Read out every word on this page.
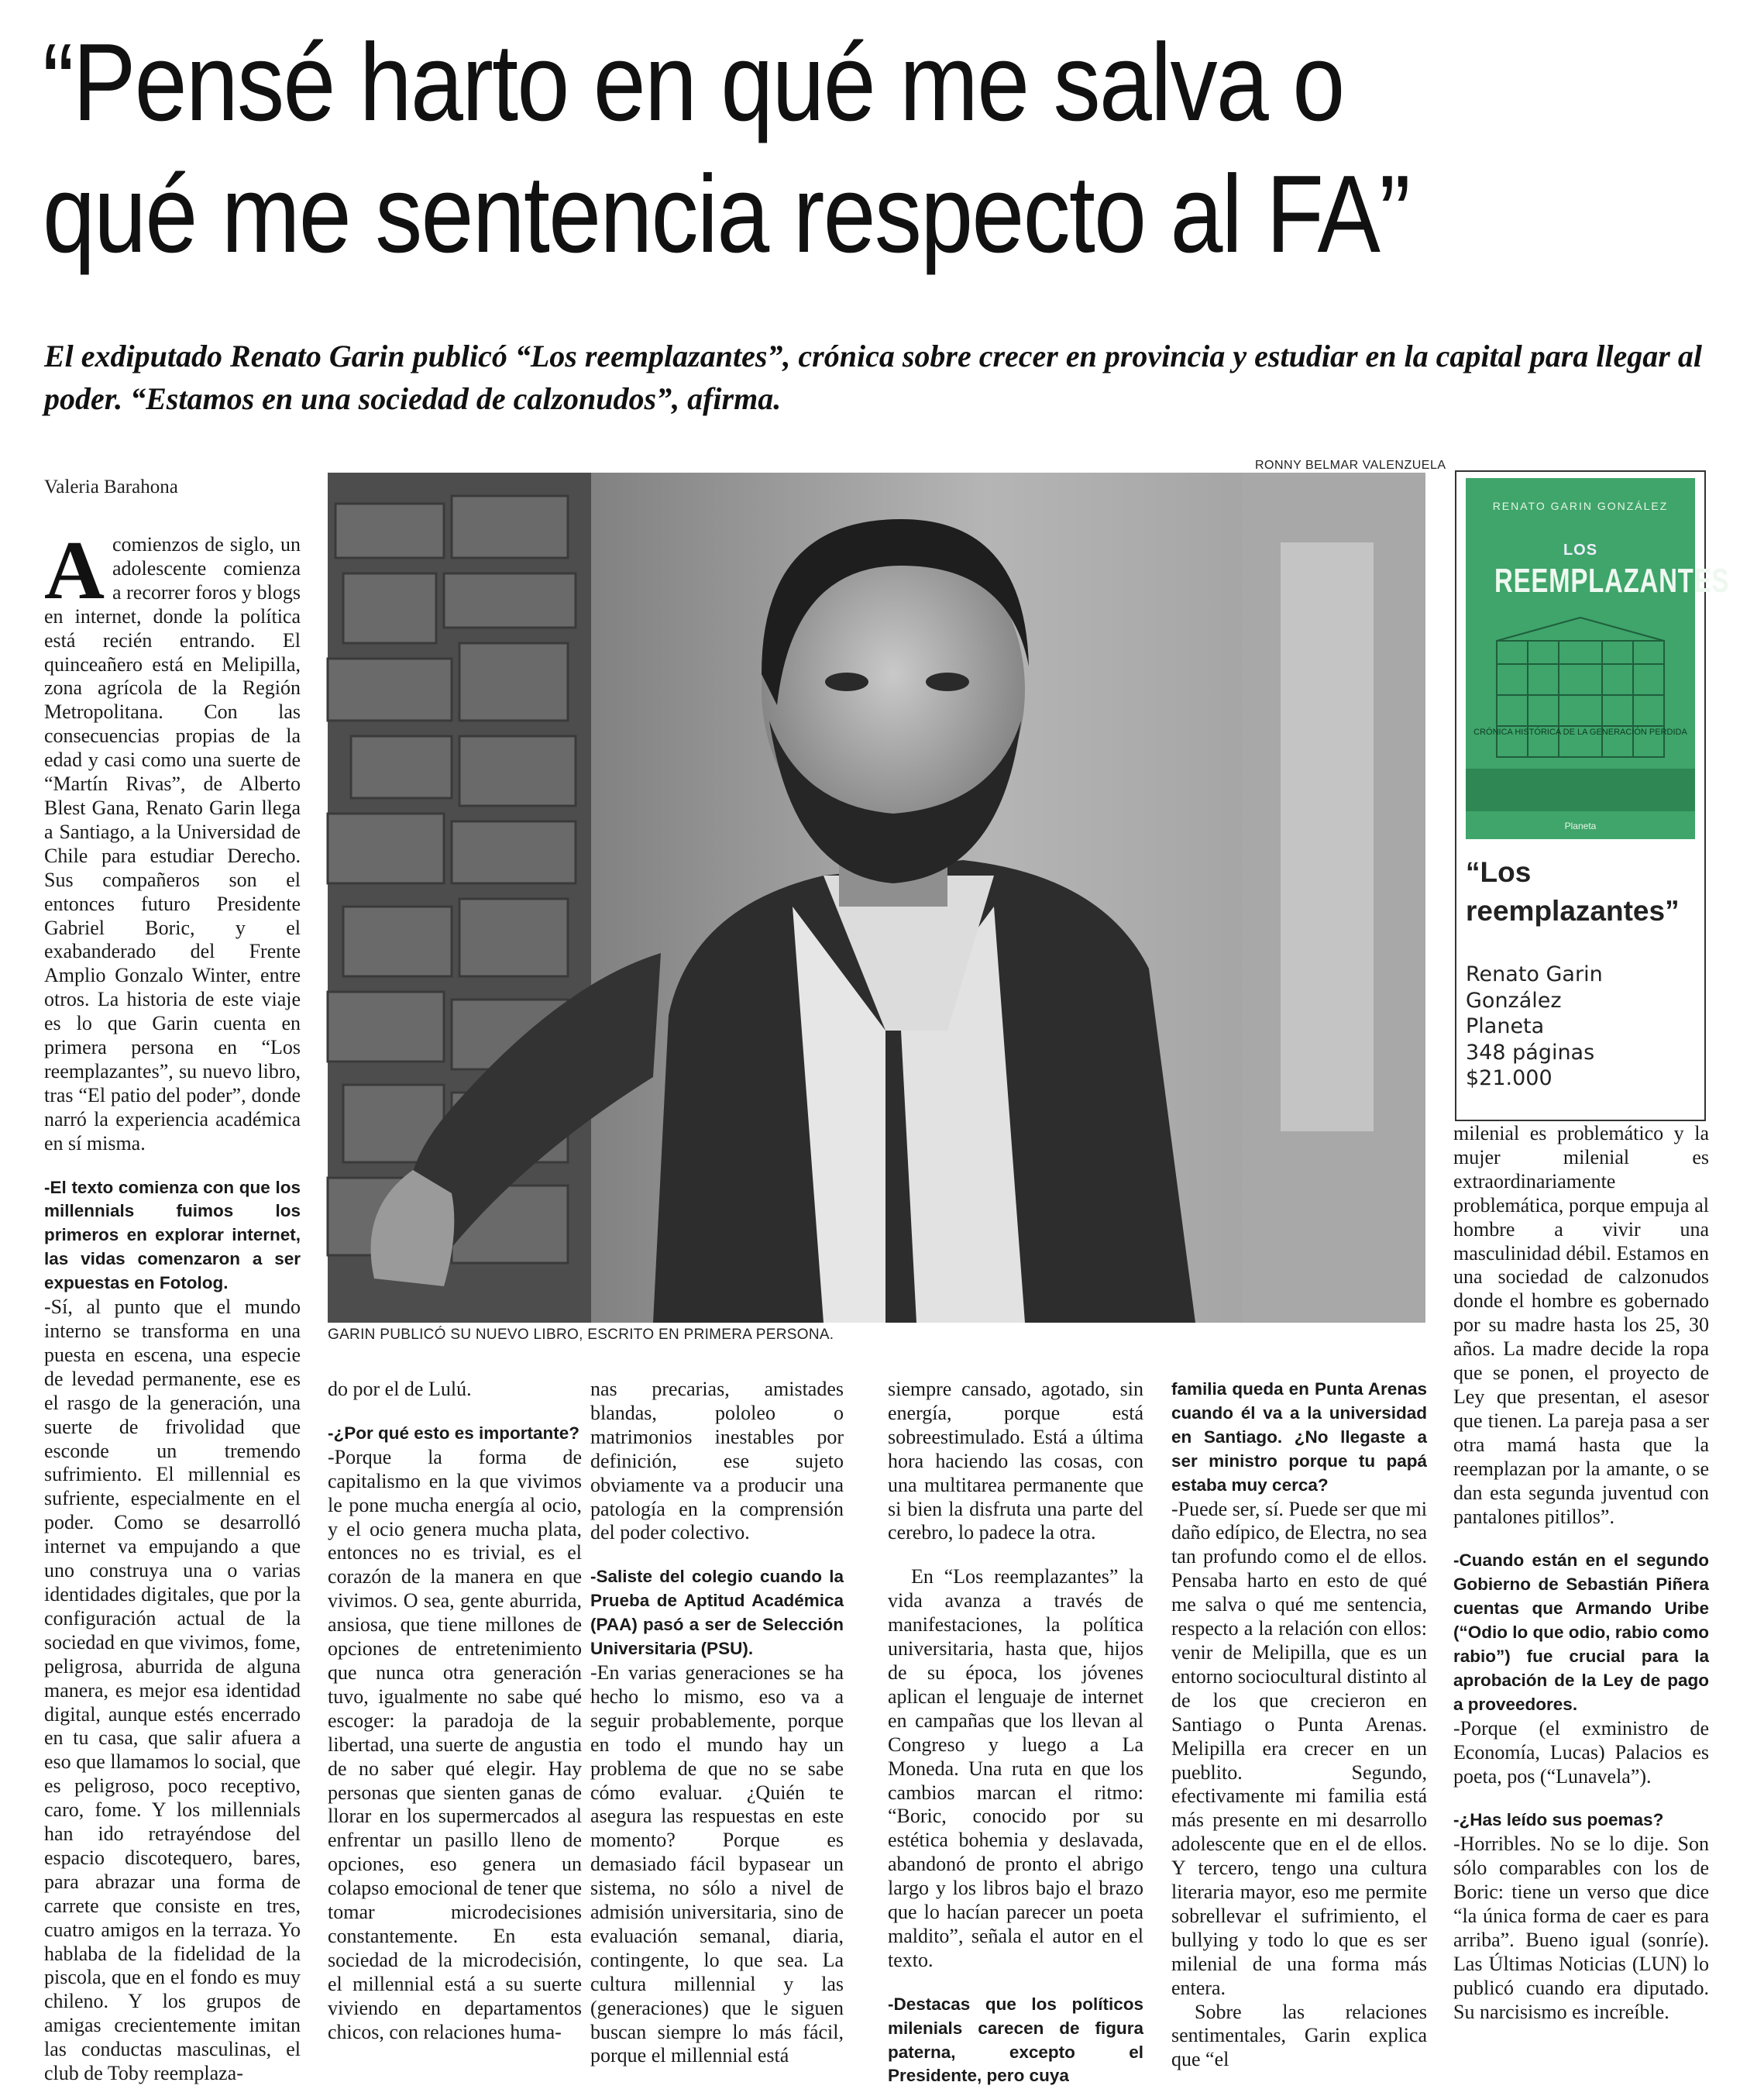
“Pensé harto en qué me salva o
qué me sentencia respecto al FA”

El exdiputado Renato Garin publicó “Los reemplazantes”, crónica sobre crecer en provincia y estudiar en la capital para llegar al poder. “Estamos en una sociedad de calzonudos”, afirma.

Valeria Barahona
RONNY BELMAR VALENZUELA
GARIN PUBLICÓ SU NUEVO LIBRO, ESCRITO EN PRIMERA PERSONA.
RENATO GARIN GONZÁLEZ
LOS
REEMPLAZANTES
CRÓNICA HISTÓRICA DE LA GENERACIÓN PERDIDA
Planeta
“Los reemplazantes”
Renato Garin González
Planeta
348 páginas
$21.000

Acomienzos de siglo, un adolescente comienza a recorrer foros y blogs en internet, donde la política está recién entrando. El quinceañero está en Melipilla, zona agrícola de la Región Metropolitana. Con las consecuencias propias de la edad y casi como una suerte de “Martín Rivas”, de Alberto Blest Gana, Renato Garin llega a Santiago, a la Universidad de Chile para estudiar Derecho. Sus compañeros son el entonces futuro Presidente Gabriel Boric, y el exabanderado del Frente Amplio Gonzalo Winter, entre otros. La historia de este viaje es lo que Garin cuenta en primera persona en “Los reemplazantes”, su nuevo libro, tras “El patio del poder”, donde narró la experiencia académica en sí misma.

-El texto comienza con que los millennials fuimos los primeros en explorar internet, las vidas comenzaron a ser expuestas en Fotolog.

-Sí, al punto que el mundo interno se transforma en una puesta en escena, una especie de levedad permanente, ese es el rasgo de la generación, una suerte de frivolidad que esconde un tremendo sufrimiento. El millennial es sufriente, especialmente en el poder. Como se desarrolló internet va empujando a que uno construya una o varias identidades digitales, que por la configuración actual de la sociedad en que vivimos, fome, peligrosa, aburrida de alguna manera, es mejor esa identidad digital, aunque estés encerrado en tu casa, que salir afuera a eso que llamamos lo social, que es peligroso, poco receptivo, caro, fome. Y los millennials han ido retrayéndose del espacio discotequero, bares, para abrazar una forma de carrete que consiste en tres, cuatro amigos en la terraza. Yo hablaba de la fidelidad de la piscola, que en el fondo es muy chileno. Y los grupos de amigas crecientemente imitan las conductas masculinas, el club de Toby reemplaza-

do por el de Lulú.

-¿Por qué esto es importante?

-Porque la forma de capitalismo en la que vivimos le pone mucha energía al ocio, y el ocio genera mucha plata, entonces no es trivial, es el corazón de la manera en que vivimos. O sea, gente aburrida, ansiosa, que tiene millones de opciones de entretenimiento que nunca otra generación tuvo, igualmente no sabe qué escoger: la paradoja de la libertad, una suerte de angustia de no saber qué elegir. Hay personas que sienten ganas de llorar en los supermercados al enfrentar un pasillo lleno de opciones, eso genera un colapso emocional de tener que tomar microdecisiones constantemente. En esta sociedad de la microdecisión, el millennial está a su suerte viviendo en departamentos chicos, con relaciones huma-

nas precarias, amistades blandas, pololeo o matrimonios inestables por definición, ese sujeto obviamente va a producir una patología en la comprensión del poder colectivo.

-Saliste del colegio cuando la Prueba de Aptitud Académica (PAA) pasó a ser de Selección Universitaria (PSU).

-En varias generaciones se ha hecho lo mismo, eso va a seguir probablemente, porque en todo el mundo hay un problema de que no se sabe cómo evaluar. ¿Quién te asegura las respuestas en este momento? Porque es demasiado fácil bypasear un sistema, no sólo a nivel de admisión universitaria, sino de evaluación semanal, diaria, contingente, lo que sea. La cultura millennial y las (generaciones) que le siguen buscan siempre lo más fácil, porque el millennial está

siempre cansado, agotado, sin energía, porque está sobreestimulado. Está a última hora haciendo las cosas, con una multitarea permanente que si bien la disfruta una parte del cerebro, lo padece la otra.

En “Los reemplazantes” la vida avanza a través de manifestaciones, la política universitaria, hasta que, hijos de su época, los jóvenes aplican el lenguaje de internet en campañas que los llevan al Congreso y luego a La Moneda. Una ruta en que los cambios marcan el ritmo: “Boric, conocido por su estética bohemia y deslavada, abandonó de pronto el abrigo largo y los libros bajo el brazo que lo hacían parecer un poeta maldito”, señala el autor en el texto.

-Destacas que los políticos milenials carecen de figura paterna, excepto el Presidente, pero cuya

familia queda en Punta Arenas cuando él va a la universidad en Santiago. ¿No llegaste a ser ministro porque tu papá estaba muy cerca?

-Puede ser, sí. Puede ser que mi daño edípico, de Electra, no sea tan profundo como el de ellos. Pensaba harto en esto de qué me salva o qué me sentencia, respecto a la relación con ellos: venir de Melipilla, que es un entorno sociocultural distinto al de los que crecieron en Santiago o Punta Arenas. Melipilla era crecer en un pueblito. Segundo, efectivamente mi familia está más presente en mi desarrollo adolescente que en el de ellos. Y tercero, tengo una cultura literaria mayor, eso me permite sobrellevar el sufrimiento, el bullying y todo lo que es ser milenial de una forma más entera.

Sobre las relaciones sentimentales, Garin explica que “el

milenial es problemático y la mujer milenial es extraordinariamente problemática, porque empuja al hombre a vivir una masculinidad débil. Estamos en una sociedad de calzonudos donde el hombre es gobernado por su madre hasta los 25, 30 años. La madre decide la ropa que se ponen, el proyecto de Ley que presentan, el asesor que tienen. La pareja pasa a ser otra mamá hasta que la reemplazan por la amante, o se dan esta segunda juventud con pantalones pitillos”.

-Cuando están en el segundo Gobierno de Sebastián Piñera cuentas que Armando Uribe (“Odio lo que odio, rabio como rabio”) fue crucial para la aprobación de la Ley de pago a proveedores.

-Porque (el exministro de Economía, Lucas) Palacios es poeta, pos (“Lunavela”).

-¿Has leído sus poemas?

-Horribles. No se lo dije. Son sólo comparables con los de Boric: tiene un verso que dice “la única forma de caer es para arriba”. Bueno igual (sonríe). Las Últimas Noticias (LUN) lo publicó cuando era diputado. Su narcisismo es increíble.
